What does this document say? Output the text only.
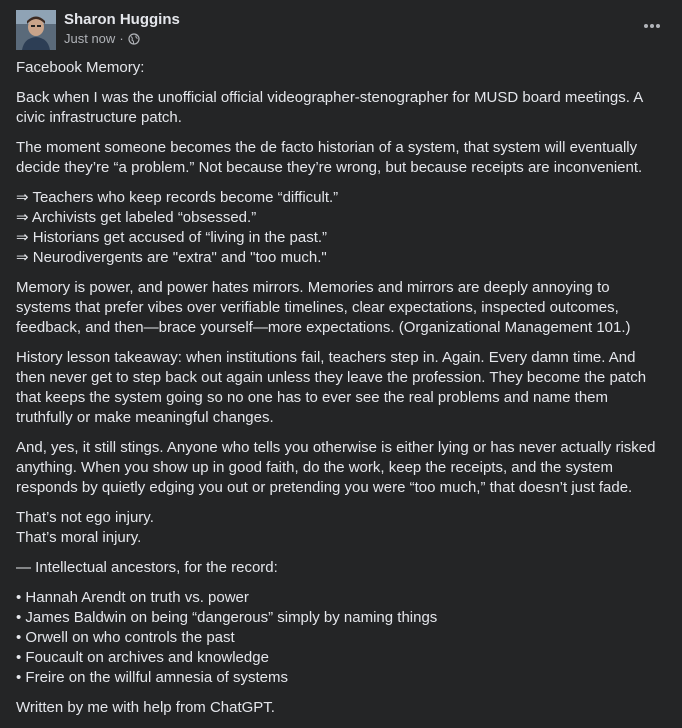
Sharon Huggins
Just now ·

Facebook Memory:

Back when I was the unofficial official videographer-stenographer for MUSD board meetings. A civic infrastructure patch.

The moment someone becomes the de facto historian of a system, that system will eventually decide they’re “a problem.” Not because they’re wrong, but because receipts are inconvenient.

⇒ Teachers who keep records become “difficult.”
⇒ Archivists get labeled “obsessed.”
⇒ Historians get accused of “living in the past.”
⇒ Neurodivergents are "extra" and "too much."

Memory is power, and power hates mirrors. Memories and mirrors are deeply annoying to systems that prefer vibes over verifiable timelines, clear expectations, inspected outcomes, feedback, and then—brace yourself—more expectations. (Organizational Management 101.)

History lesson takeaway: when institutions fail, teachers step in. Again. Every damn time. And then never get to step back out again unless they leave the profession. They become the patch that keeps the system going so no one has to ever see the real problems and name them truthfully or make meaningful changes.

And, yes, it still stings. Anyone who tells you otherwise is either lying or has never actually risked anything. When you show up in good faith, do the work, keep the receipts, and the system responds by quietly edging you out or pretending you were “too much,” that doesn’t just fade.

That’s not ego injury.
That’s moral injury.

— Intellectual ancestors, for the record:

• Hannah Arendt on truth vs. power
• James Baldwin on being “dangerous” simply by naming things
• Orwell on who controls the past
• Foucault on archives and knowledge
• Freire on the willful amnesia of systems

Written by me with help from ChatGPT.
